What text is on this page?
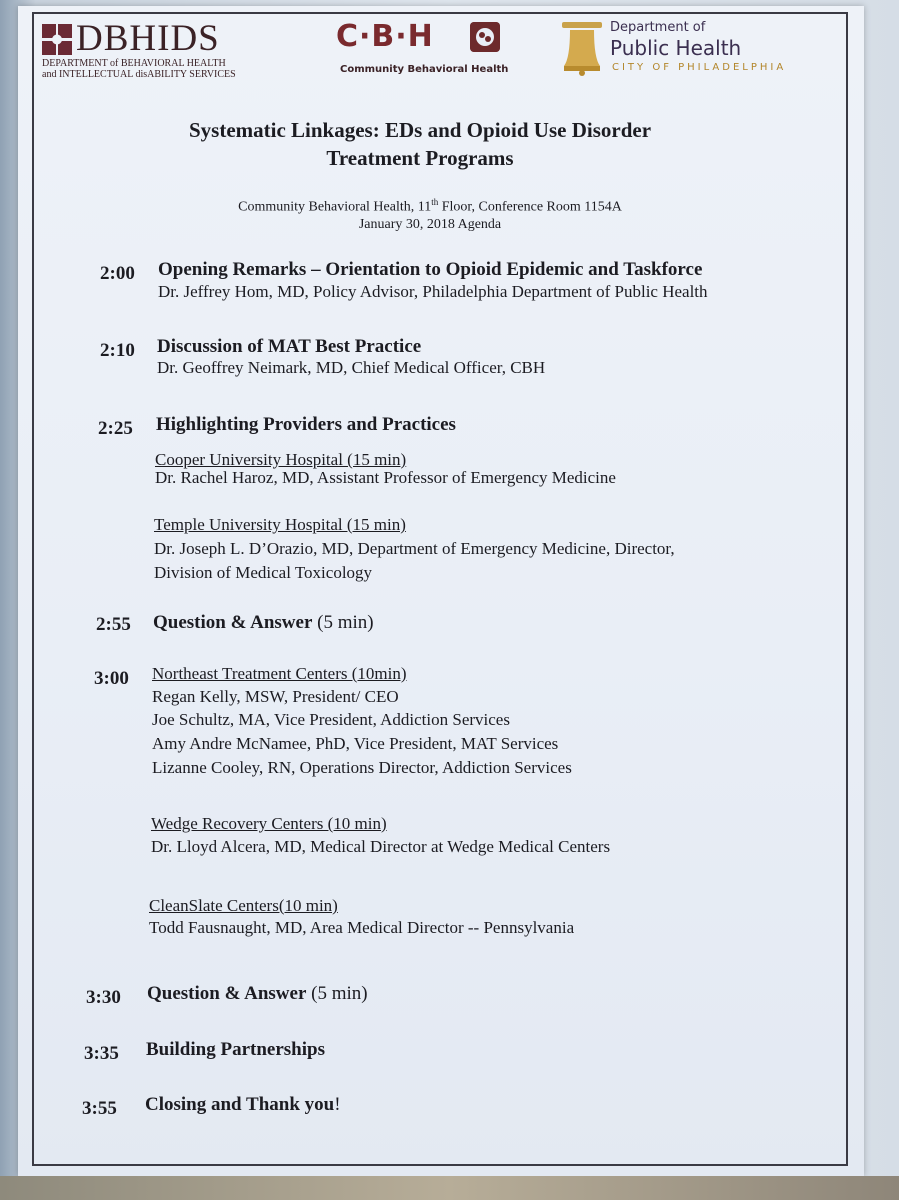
DBHIDS
DEPARTMENT of BEHAVIORAL HEALTH
and INTELLECTUAL disABILITY SERVICES
C·B·H
Community Behavioral Health
Department of
Public Health
CITY OF PHILADELPHIA
Systematic Linkages: EDs and Opioid Use Disorder
Treatment Programs
Community Behavioral Health, 11th Floor, Conference Room 1154A
January 30, 2018 Agenda
2:00 Opening Remarks – Orientation to Opioid Epidemic and Taskforce
Dr. Jeffrey Hom, MD, Policy Advisor, Philadelphia Department of Public Health
2:10 Discussion of MAT Best Practice
Dr. Geoffrey Neimark, MD, Chief Medical Officer, CBH
2:25 Highlighting Providers and Practices
Cooper University Hospital (15 min)
Dr. Rachel Haroz, MD, Assistant Professor of Emergency Medicine
Temple University Hospital (15 min)
Dr. Joseph L. D’Orazio, MD, Department of Emergency Medicine, Director,
Division of Medical Toxicology
2:55 Question & Answer (5 min)
3:00 Northeast Treatment Centers (10min)
Regan Kelly, MSW, President/ CEO
Joe Schultz, MA, Vice President, Addiction Services
Amy Andre McNamee, PhD, Vice President, MAT Services
Lizanne Cooley, RN, Operations Director, Addiction Services
Wedge Recovery Centers (10 min)
Dr. Lloyd Alcera, MD, Medical Director at Wedge Medical Centers
CleanSlate Centers(10 min)
Todd Fausnaught, MD, Area Medical Director -- Pennsylvania
3:30 Question & Answer (5 min)
3:35 Building Partnerships
3:55 Closing and Thank you!
